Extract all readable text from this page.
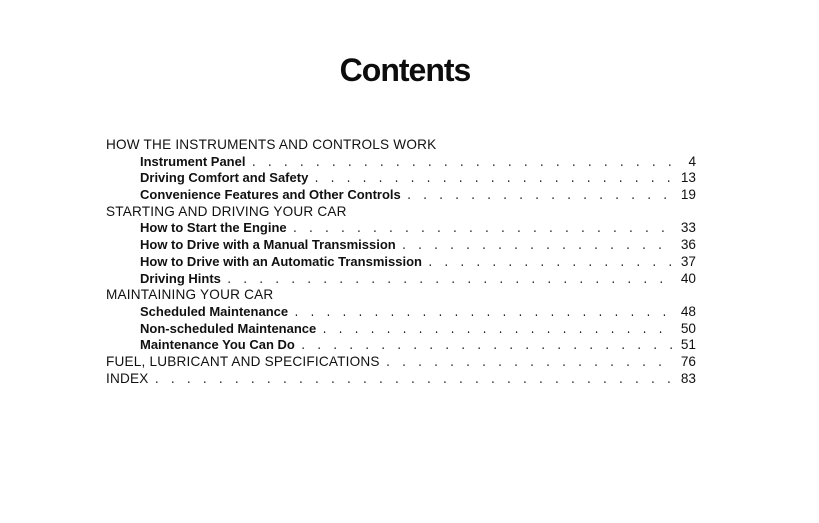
Contents
HOW THE INSTRUMENTS AND CONTROLS WORK
Instrument Panel . . .	4
Driving Comfort and Safety . . .	13
Convenience Features and Other Controls . . .	19
STARTING AND DRIVING YOUR CAR
How to Start the Engine . . .	33
How to Drive with a Manual Transmission . . .	36
How to Drive with an Automatic Transmission . . .	37
Driving Hints . . .	40
MAINTAINING YOUR CAR
Scheduled Maintenance . . .	48
Non-scheduled Maintenance . . .	50
Maintenance You Can Do . . .	51
FUEL, LUBRICANT AND SPECIFICATIONS . . .	76
INDEX . . .	83
